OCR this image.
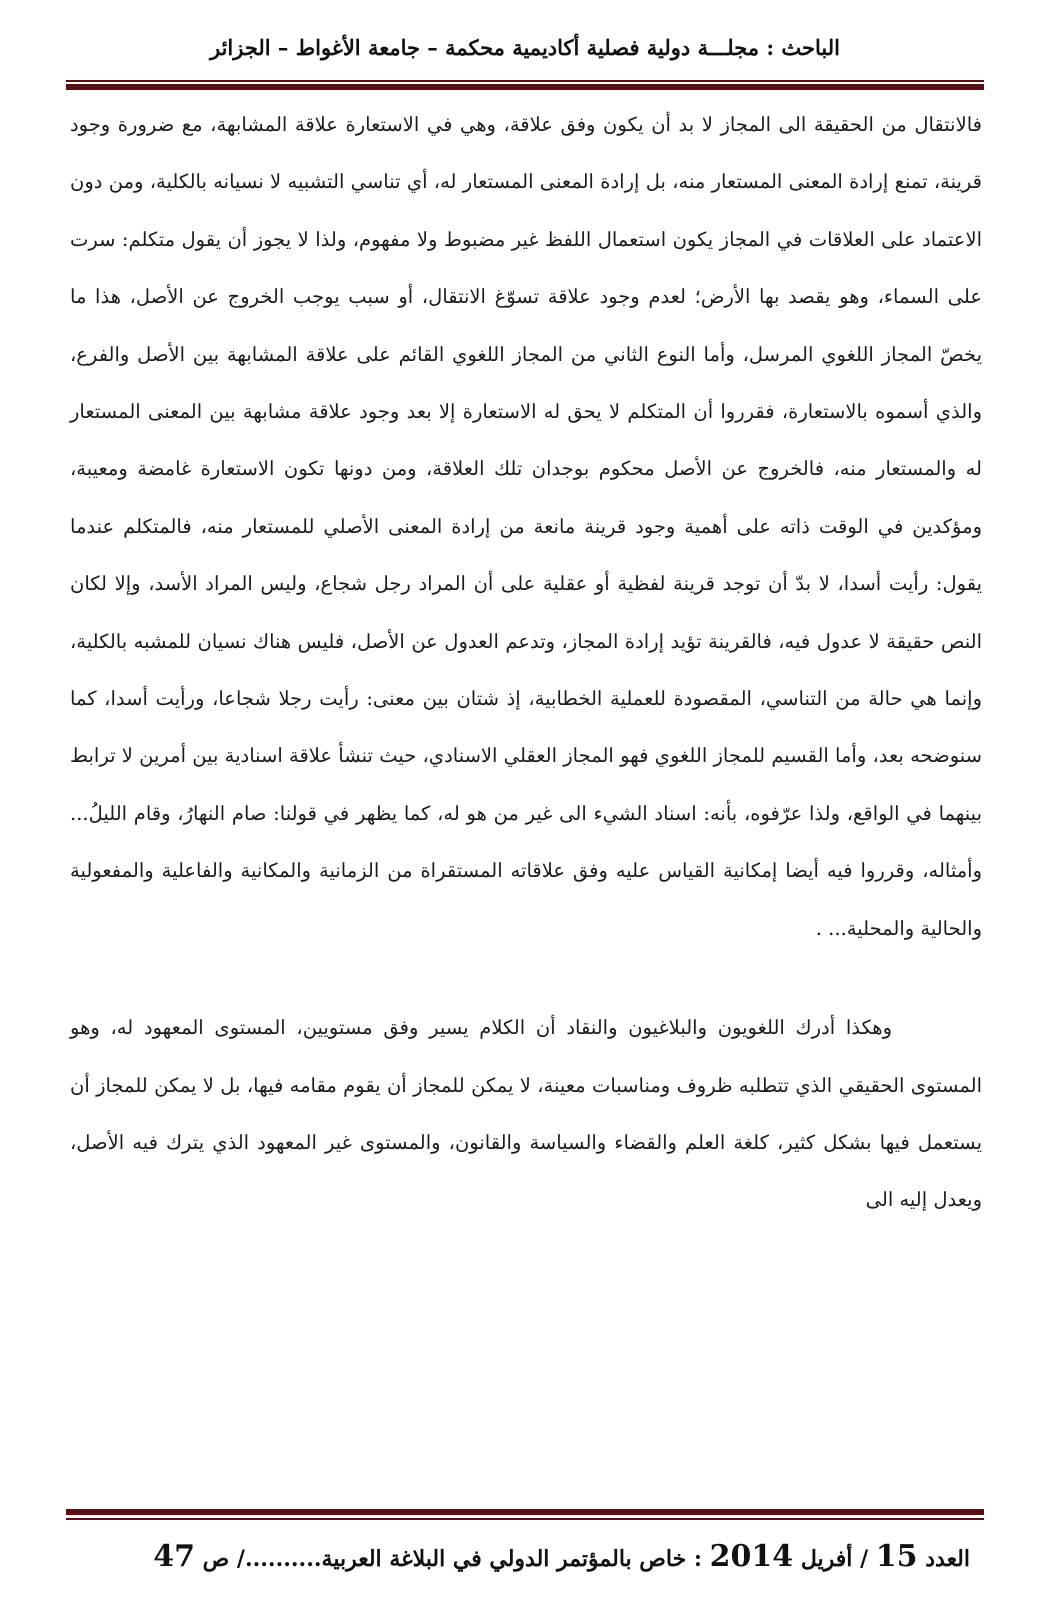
الباحث : مجلـــة دولية فصلية أكاديمية محكمة – جامعة الأغواط – الجزائر

فالانتقال من الحقيقة الى المجاز لا بد أن يكون وفق علاقة، وهي في الاستعارة علاقة المشابهة، مع ضرورة وجود قرينة، تمنع إرادة المعنى المستعار منه، بل إرادة المعنى المستعار له، أي تناسي التشبيه لا نسيانه بالكلية، ومن دون الاعتماد على العلاقات في المجاز يكون استعمال اللفظ غير مضبوط ولا مفهوم، ولذا لا يجوز أن يقول متكلم: سرت على السماء، وهو يقصد بها الأرض؛ لعدم وجود علاقة تسوّغ الانتقال، أو سبب يوجب الخروج عن الأصل، هذا ما يخصّ المجاز اللغوي المرسل، وأما النوع الثاني من المجاز اللغوي القائم على علاقة المشابهة بين الأصل والفرع، والذي أسموه بالاستعارة، فقرروا أن المتكلم لا يحق له الاستعارة إلا بعد وجود علاقة مشابهة بين المعنى المستعار له والمستعار منه، فالخروج عن الأصل محكوم بوجدان تلك العلاقة، ومن دونها تكون الاستعارة غامضة ومعيبة، ومؤكدين في الوقت ذاته على أهمية وجود قرينة مانعة من إرادة المعنى الأصلي للمستعار منه، فالمتكلم عندما يقول: رأيت أسدا، لا بدّ أن توجد قرينة لفظية أو عقلية على أن المراد رجل شجاع، وليس المراد الأسد، وإلا لكان النص حقيقة لا عدول فيه، فالقرينة تؤيد إرادة المجاز، وتدعم العدول عن الأصل، فليس هناك نسيان للمشبه بالكلية، وإنما هي حالة من التناسي، المقصودة للعملية الخطابية، إذ شتان بين معنى: رأيت رجلا شجاعا، ورأيت أسدا، كما سنوضحه بعد، وأما القسيم للمجاز اللغوي فهو المجاز العقلي الاسنادي، حيث تنشأ علاقة اسنادية بين أمرين لا ترابط بينهما في الواقع، ولذا عرّفوه، بأنه: اسناد الشيء الى غير من هو له، كما يظهر في قولنا: صام النهارُ، وقام الليلُ... وأمثاله، وقرروا فيه أيضا إمكانية القياس عليه وفق علاقاته المستقراة من الزمانية والمكانية والفاعلية والمفعولية والحالية والمحلية... .

وهكذا أدرك اللغويون والبلاغيون والنقاد أن الكلام يسير وفق مستويين، المستوى المعهود له، وهو المستوى الحقيقي الذي تتطلبه ظروف ومناسبات معينة، لا يمكن للمجاز أن يقوم مقامه فيها، بل لا يمكن للمجاز أن يستعمل فيها بشكل كثير، كلغة العلم والقضاء والسياسة والقانون، والمستوى غير المعهود الذي يترك فيه الأصل، ويعدل إليه الى

العدد 15 / أفريل 2014 : خاص بالمؤتمر الدولي في البلاغة العربية........../ ص 47
